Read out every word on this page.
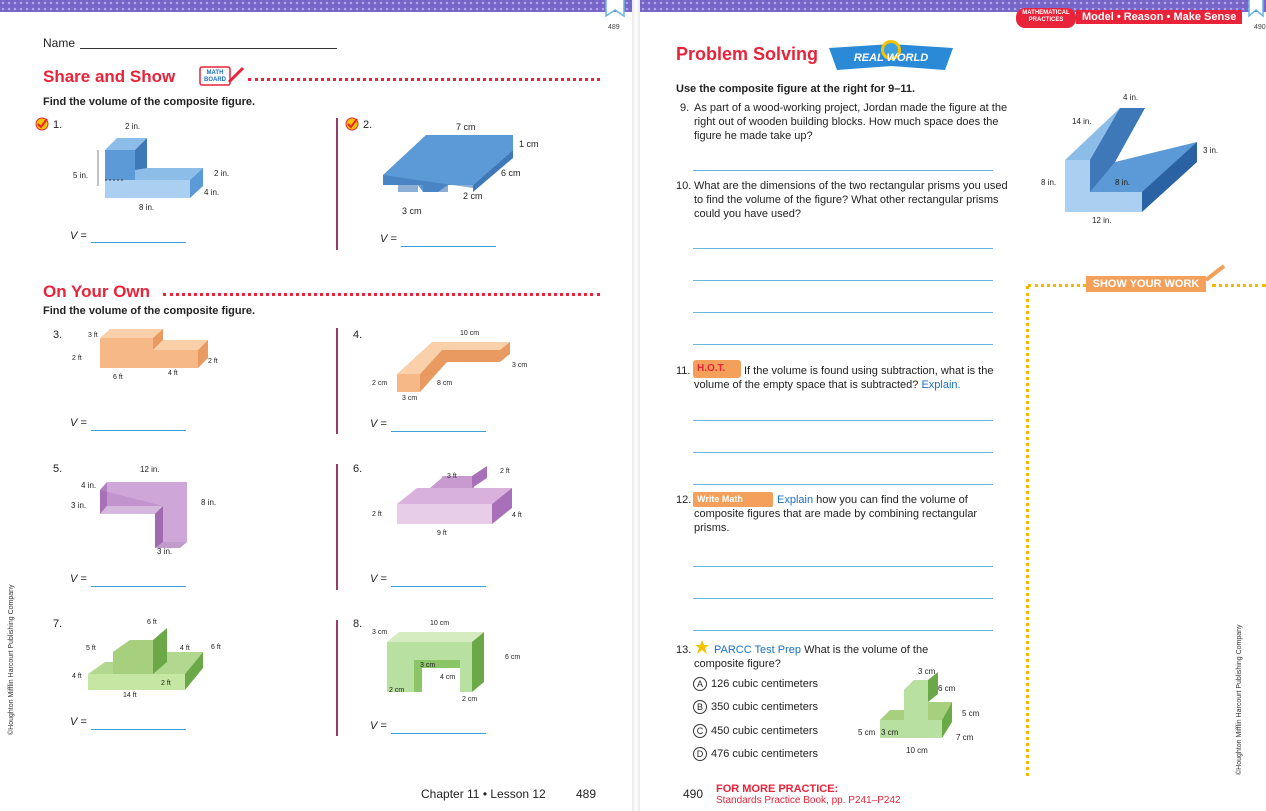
489
Name
Share and Show	MATH BOARD
Find the volume of the composite figure.
1.	2 in.
5 in.	2 in.
4 in.
8 in.
V =
2.	7 cm
1 cm
6 cm
2 cm
3 cm
V =
On Your Own
Find the volume of the composite figure.
3.	3 ft
2 ft	2 ft
6 ft
4 ft
V =
4.	10 cm
3 cm
2 cm	8 cm
3 cm
V =
5.	12 in.
4 in.
3 in.	8 in.
3 in.
V =
6.
3 ft
2 ft
2 ft	4 ft
9 ft
V =
7.	6 ft
5 ft	4 ft	6 ft
4 ft
2 ft
14 ft
V =
8.	10 cm
3 cm
6 cm
3 cm
4 cm
2 cm
2 cm
V =
Chapter 11 • Lesson 12	489
©Houghton Mifflin Harcourt Publishing Company
MATHEMATICAL PRACTICES	Model • Reason • Make Sense
490
Problem Solving	REAL WORLD
Use the composite figure at the right for 9–11.
9. As part of a wood-working project, Jordan made the figure at the right out of wooden building blocks. How much space does the figure he made take up?
10. What are the dimensions of the two rectangular prisms you used to find the volume of the figure? What other rectangular prisms could you have used?
4 in.
14 in.
3 in.
8 in.	8 in.
12 in.
11. H.O.T.	If the volume is found using subtraction, what is the volume of the empty space that is subtracted? Explain.
12. Write Math	Explain how you can find the volume of composite figures that are made by combining rectangular prisms.
13.	PARCC Test Prep What is the volume of the composite figure?
A 126 cubic centimeters
B 350 cubic centimeters
C 450 cubic centimeters
D 476 cubic centimeters
3 cm
6 cm
5 cm
5 cm 3 cm
7 cm
10 cm
SHOW YOUR WORK
490 FOR MORE PRACTICE:
Standards Practice Book, pp. P241–P242
©Houghton Mifflin Harcourt Publishing Company
